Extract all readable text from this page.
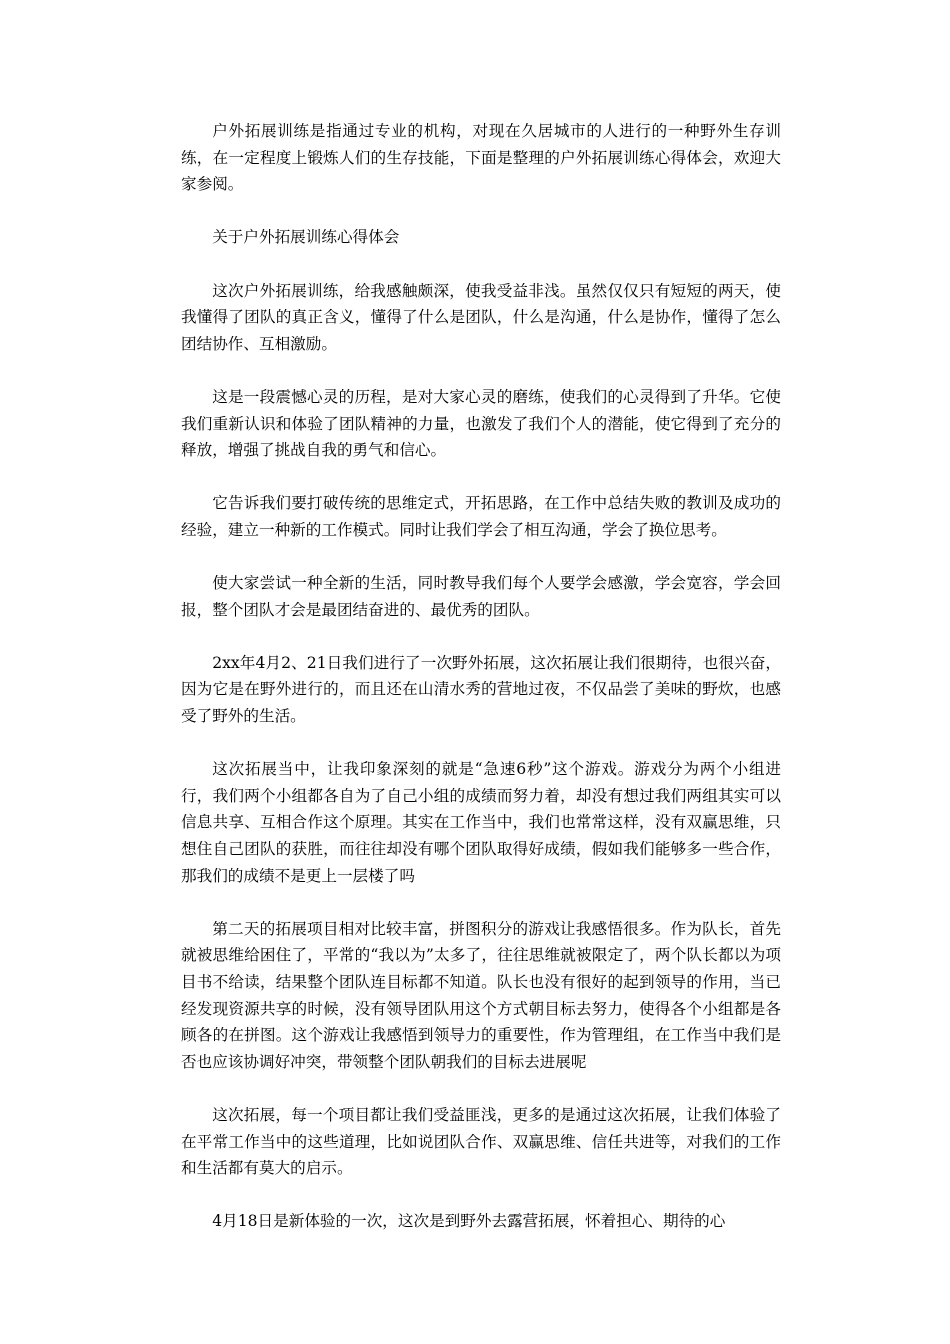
户外拓展训练是指通过专业的机构，对现在久居城市的人进行的一种野外生存训练，在一定程度上锻炼人们的生存技能，下面是整理的户外拓展训练心得体会，欢迎大家参阅。

关于户外拓展训练心得体会

这次户外拓展训练，给我感触颇深，使我受益非浅。虽然仅仅只有短短的两天，使我懂得了团队的真正含义，懂得了什么是团队，什么是沟通，什么是协作，懂得了怎么团结协作、互相激励。

这是一段震憾心灵的历程，是对大家心灵的磨练，使我们的心灵得到了升华。它使我们重新认识和体验了团队精神的力量，也激发了我们个人的潜能，使它得到了充分的释放，增强了挑战自我的勇气和信心。

它告诉我们要打破传统的思维定式，开拓思路，在工作中总结失败的教训及成功的经验，建立一种新的工作模式。同时让我们学会了相互沟通，学会了换位思考。

使大家尝试一种全新的生活，同时教导我们每个人要学会感激，学会宽容，学会回报，整个团队才会是最团结奋进的、最优秀的团队。

2xx年4月2、21日我们进行了一次野外拓展，这次拓展让我们很期待，也很兴奋，因为它是在野外进行的，而且还在山清水秀的营地过夜，不仅品尝了美味的野炊，也感受了野外的生活。

这次拓展当中，让我印象深刻的就是“急速6秒”这个游戏。游戏分为两个小组进行，我们两个小组都各自为了自己小组的成绩而努力着，却没有想过我们两组其实可以信息共享、互相合作这个原理。其实在工作当中，我们也常常这样，没有双赢思维，只想住自己团队的获胜，而往往却没有哪个团队取得好成绩，假如我们能够多一些合作，那我们的成绩不是更上一层楼了吗

第二天的拓展项目相对比较丰富，拼图积分的游戏让我感悟很多。作为队长，首先就被思维给困住了，平常的“我以为”太多了，往往思维就被限定了，两个队长都以为项目书不给读，结果整个团队连目标都不知道。队长也没有很好的起到领导的作用，当已经发现资源共享的时候，没有领导团队用这个方式朝目标去努力，使得各个小组都是各顾各的在拼图。这个游戏让我感悟到领导力的重要性，作为管理组，在工作当中我们是否也应该协调好冲突，带领整个团队朝我们的目标去进展呢

这次拓展，每一个项目都让我们受益匪浅，更多的是通过这次拓展，让我们体验了在平常工作当中的这些道理，比如说团队合作、双赢思维、信任共进等，对我们的工作和生活都有莫大的启示。

4月18日是新体验的一次，这次是到野外去露营拓展，怀着担心、期待的心
